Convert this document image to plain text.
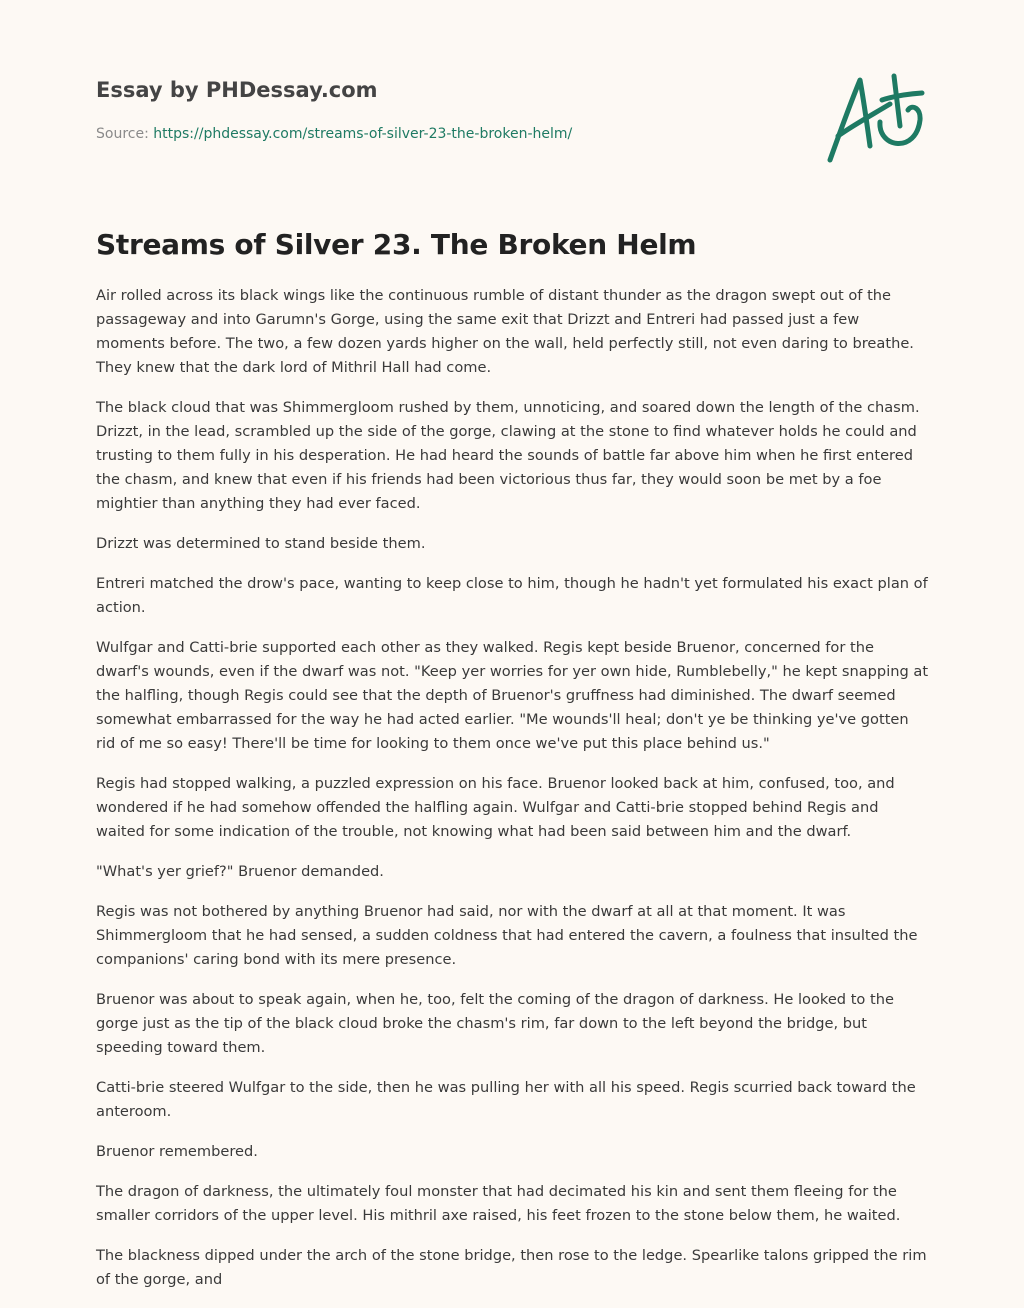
Essay by PHDessay.com
Source: https://phdessay.com/streams-of-silver-23-the-broken-helm/
Streams of Silver 23. The Broken Helm

Air rolled across its black wings like the continuous rumble of distant thunder as the dragon swept out of the passageway and into Garumn's Gorge, using the same exit that Drizzt and Entreri had passed just a few moments before. The two, a few dozen yards higher on the wall, held perfectly still, not even daring to breathe. They knew that the dark lord of Mithril Hall had come.

The black cloud that was Shimmergloom rushed by them, unnoticing, and soared down the length of the chasm. Drizzt, in the lead, scrambled up the side of the gorge, clawing at the stone to find whatever holds he could and trusting to them fully in his desperation. He had heard the sounds of battle far above him when he first entered the chasm, and knew that even if his friends had been victorious thus far, they would soon be met by a foe mightier than anything they had ever faced.

Drizzt was determined to stand beside them.

Entreri matched the drow's pace, wanting to keep close to him, though he hadn't yet formulated his exact plan of action.

Wulfgar and Catti-brie supported each other as they walked. Regis kept beside Bruenor, concerned for the dwarf's wounds, even if the dwarf was not. "Keep yer worries for yer own hide, Rumblebelly," he kept snapping at the halfling, though Regis could see that the depth of Bruenor's gruffness had diminished. The dwarf seemed somewhat embarrassed for the way he had acted earlier. "Me wounds'll heal; don't ye be thinking ye've gotten rid of me so easy! There'll be time for looking to them once we've put this place behind us."

Regis had stopped walking, a puzzled expression on his face. Bruenor looked back at him, confused, too, and wondered if he had somehow offended the halfling again. Wulfgar and Catti-brie stopped behind Regis and waited for some indication of the trouble, not knowing what had been said between him and the dwarf.

"What's yer grief?" Bruenor demanded.

Regis was not bothered by anything Bruenor had said, nor with the dwarf at all at that moment. It was Shimmergloom that he had sensed, a sudden coldness that had entered the cavern, a foulness that insulted the companions' caring bond with its mere presence.

Bruenor was about to speak again, when he, too, felt the coming of the dragon of darkness. He looked to the gorge just as the tip of the black cloud broke the chasm's rim, far down to the left beyond the bridge, but speeding toward them.

Catti-brie steered Wulfgar to the side, then he was pulling her with all his speed. Regis scurried back toward the anteroom.

Bruenor remembered.

The dragon of darkness, the ultimately foul monster that had decimated his kin and sent them fleeing for the smaller corridors of the upper level. His mithril axe raised, his feet frozen to the stone below them, he waited.

The blackness dipped under the arch of the stone bridge, then rose to the ledge. Spearlike talons gripped the rim of the gorge, and
